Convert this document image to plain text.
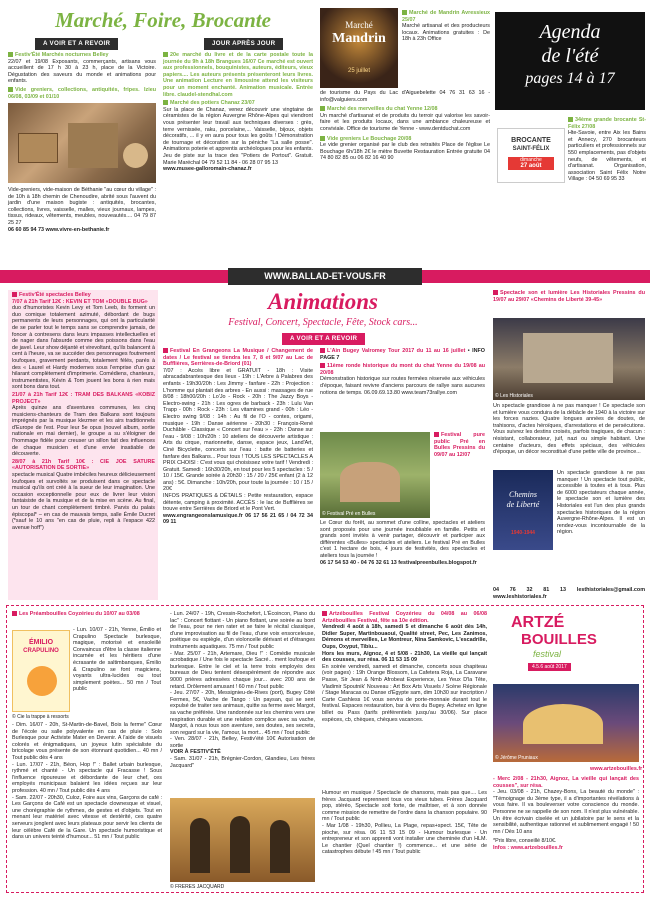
Marché, Foire, Brocante
A VOIR ET A REVOIR	JOUR APRÈS JOUR
Festiv'Été Marchés nocturnes Belley
22/07 et 19/08 Exposants, commerçants, artisans vous accueillent de 17 h 30 à 23 h, place de la Victoire. Dégustation des saveurs du monde et animations pour enfants.
Vide greniers, collections, antiquités, fripes. Izieu 06/08, 03/09 et 01/10
Vide-greniers, vide-maison de Béthanie "au cœur du village" : de 10h à 18h chemin de Chenoudire, abrité sous l'auvent du jardin d'une maison bugiste : antiquités, brocantes, collections, livres, vaisselle, malles, vieux journaux, lampes, tissus, rideaux, vêtements, meubles, nouveautés.... 04 79 87 25 27
06 60 85 94 73 www.vivre-en-bethanie.fr
20e marché du livre et de la carte postale toute la journée du 9h à 18h Brangues 16/07 Ce marché est ouvert aux professionnels, bouquinistes, auteurs, éditeurs, vieux papiers.... Les auteurs présents présenteront leurs livres. Une animation Lecture en limousine attend les visiteurs pour un moment enchanté. Animation musicale. Entrée libre. claudel-stendhal.com
Marché des potiers Chanaz 23/07
Sur la place de Chanaz, venez découvrir une vingtaine de céramistes de la région Auvergne Rhône-Alpes qui viendront vous présenter leur travail aux techniques diverses : grès, terre vernissée, raku, porcelaine,... Vaisselle, bijoux, objets décoratifs, ... il y en aura pour tous les goûts ! Démonstration de tournage et décoration sur la péniche "La salle posse". Animations poterie et apprentis archéologues pour les enfants. Jeu de piste sur la trace des "Potiers de Portout". Gratuit. Marie Maréchal 04 79 52 11 84 - 06 28 07 95 13
www.musee-galloromain-chanaz.fr
Marché
Mandrin
25 juillet
Marché de Mandrin Avressieux 25/07
Marché artisanal et des producteurs locaux. Animations gratuites : De 18h à 23h Office
de tourisme du Pays du Lac d'Aiguebelette 04 76 31 63 16 - info@valguiers.com
Marché des merveilles du chat Yenne 12/08
Un marché d'artisanat et de produits du terroir qui valorise les savoir-faire et les produits locaux, dans une ambiance chaleureuse et conviviale. Office de tourisme de Yenne - www.dentduchat.com
Vide greniers Le Bouchage 20/08
Le vide grenier organisé par le club des retraités Place de l'église Le Bouchage 6h/18h 2€ le mètre Buvette Restauration Entrée gratuite 04 74 80 82 85 ou 06 82 16 40 90
Agenda
de l'été
pages 14 à 17
BROCANTE
SAINT-FÉLIX
dimanche
27 août
34ème grande brocante St-Félix 27/08
Hte-Savoie, entre Aix les Bains et Annecy, 270 brocanteurs particuliers et professionnels sur 550 emplacements, pas d'objets neufs, de vêtements, et d'artisanat. Organisation, association Saint Félix Notre Village : 04 50 69 95 33
WWW.BALLAD-ET-VOUS.FR
Festiv'Été spectacles Belley
7/07 à 21h Tarif 12€ : KEVIN ET TOM «DOUBLE BUG»
duo d'humoristes Kevin Levy et Tom Leeb, ils forment un duo comique totalement azimuté, débordant de bugs permanents de leurs personnages, qui ont la particularité de se parler tout le temps sans se comprendre jamais, de foncer à contresens dans leurs impasses intellectuelles et de nager dans l'absurde comme des poissons dans l'eau de javel. Leur show déjanté et virevoltant, qu'ils balancent à cent à l'heure, va se succéder des personnages foutrement loufoques, gravement perdants, totalement félés, parés à des « Laurel et Hardy modernes sous l'emprise d'un gaz hilarant complètement d'imprimerie. Comédiens, chanteurs, instrumentistes, Kévin & Tom jouent les bons à rien mais sont bons dans tout.
21/07 à 21h Tarif 12€ : TRAM DES BALKANS «KOBIZ PROJECT»
Après quinze ans d'aventures communes, les cinq musiciens-chanteurs de Tram des Balkans sont toujours imprégnés par la musique klezmer et les airs traditionnels d'Europe de l'est. Pour leur 5e opus (nouvel album, sortie nationale en mai dernier), le groupe a su s'éloigner de l'hommage fidèle pour creuser un sillon fait des influences de chaque musicien et d'une envie insatiable de découverte.
28/07 à 21h Tarif 10€ : CIE JOE SATURE «AUTORISATION DE SORTIE»
spectacle musical Quatre imbéciles heureux délicieusement loufoques et survoltés se produisent dans ce spectacle musical qu'ils ont créé à la sueur de leur imagination. Une occasion exceptionnelle pour eux de livrer leur vision fantaisiste de la musique et de la mise en scène. Au final, un tour de chant complètement timbré. Parvis du palais épiscopal* – en cas de mauvais temps, salle Émile Ducret (*sauf le 10 ans "en cas de pluie, repli à l'espace 422 avenue hoff")
Animations
Festival, Concert, Spectacle, Fête, Stock cars...
A VOIR ET A REVOIR
Festival En Grangeons La Musique / Changement de dates / Le festival se tiendra les 7, 8 et 9/07 au Lac de Bufflières, Serrières-de-Briord (01)
7/07 : Accès libre et GRATUIT - 18h : Visite abracadabrantesque des lieux - 19h : L'Arbre à Palabres des enfants - 19h30/20h : Les Jimmy - fanfare - 22h : Projection : L'homme qui plantait des arbres - En aussi : massages de rue 8/08 : 18h00/20h : Lo'Jo - Rock - 20h : The Jazzy Boys - Electro-swing - 21h : Les ogres de barback - 23h : Lulu Van Trapp - 00h : Rock - 23h : Les vitamines grand - 00h : Léo - Electro swing 9/08 : 14h : Au fil de l'O - contes, origami, musique - 19h : Danse aérienne - 20h30 : François-René Duchâble - Classique « Concert sur l'eau » - 23h : Danse sur l'eau - 9/08 : 10h/20h : 10 ateliers de découverte artistique : Arts du cirque, marionnette, danse, espace jeux, Land'Art, Ciné Bicyclette, concerts sur l'eau : batte de batteries et fanfare des Balkans... Pour tous ! TOUS LES SPECTACLES A PRIX CHOISI : C'est vous qui choisissez votre tarif ! Vendredi : Gratuit. Samedi : 16h30/20h, en tout pour les 5 spectacles : 5 / 10 / 15€. Grande soirée à 20h30 : 15 / 20 / 25€ enfant (2 à 12 ans) : 5€. Dimanche : 10h/20h, pour toute la journée : 10 / 15 / 20€
INFOS PRATIQUES & DÉTAILS : Petite restauration, espace détente, camping à proximité. ACCÈS : le lac de Bufflières se trouve entre Serrières de Briord et le Pont Vert.
www.engrangeonslamusique.fr 06 17 56 21 65 / 04 72 34 09 11
L'Ain Bugey Valromey Tour 2017 du 11 au 16 juillet • INFO PAGE 7
11ème ronde historique du mont du chat Yenne du 19/08 au 20/08
Démonstration historique sur routes fermées réservée aux véhicules d'époque, faisant revivre d'anciens parcours de rallye sans aucunes notions de temps. 06.09.69.13.80 www.team73rallye.com
© Festival Pré en Bulles
Festival pure public Pré en Bulles Pressins du 09/07 au 12/07
Le Cœur du forêt, au sommet d'une colline, spectacles et ateliers sont proposés pour une journée inoubliable en famille. Petits et grands sont invités à venir partager, découvrir et participer aux différentes «Bulles» spectacles et ateliers. Le festival Pré en Bulles c'est 1 hectare de bois, 4 jours de festivités, des spectacles et ateliers tous la journée !
06 17 54 53 40 - 04 76 32 61 13 festivalpreenbulles.blogspot.fr
Spectacle son et lumière Les Historiales Pressins du 19/07 au 29/07 «Chemins de Liberté 39-45»
© Les Historiales
Un spectacle grandiose à ne pas manquer ! Ce spectacle son et lumière vous conduira de la débâcle de 1940 à la victoire sur les forces nazies. Quatre longues années de doutes, de trahisons, d'actes héroïques, d'arrestations et de persécutions. Vous suivrez les destins croisés, parfois tragiques, de chacun : résistant, collaborateur, juif, nazi ou simple habitant. Une centaine d'acteurs, des effets spéciaux, des véhicules d'époque, un décor reconstitué d'une petite ville de province...
Chemins
de Liberté
1940-1944
Un spectacle grandiose à ne pas manquer ! Un spectacle tout public, accessible à toutes et à tous. Plus de 6000 spectateurs chaque année, le spectacle son et lumière des Historiales est l'un des plus grands spectacles historiques de la région Auvergne-Rhône-Alpes. Il est un rendez-vous incontournable de la région.
04 76 32 81 13 lesthistoriales@gmail.com www.leshistoriales.fr
Les Préambouilles Coyzérieu du 10/07 au 03/08
ÉMILIO
CRAPULINO
© Cie la trappe à ressorts
- Lun. 10/07 - 21h, Yenne, Émilio et Crapulino Spectacle burlesque, magique, motorisé et ensoleillé Convaincus d'être la classe italienne incarnée et les héritiers d'une écrasante de saltimbanques, Émilio & Crapulino se font magiciens, voyants ultra-lucides ou tout simplement poètes... 50 mn / Tout public
- Dim. 16/07 - 20h, St-Martin-de-Bavel, Bois la ferme" Cœur de l'école ou salle polyvalente en cas de pluie : Solo Burlesque pour Activiste Mater en Devenir. A l'aide de visuels colorés et énigmatiques, un joyeux lutin spécialiste du bricolage vous présente de son étonnant quotidien... 40 mn / Tout public dès 4 ans
- Lun. 17/07 - 21h, Béon, Hop !" : Ballet urbain burlesque, rythmé et chanté - Un spectacle qui Fracasse ! Sous l'influence rigoureuse et débordante de leur chef, ces employés municipaux balaient les idées reçues sur leur profession. 40 mn / Tout public dès 4 ans
- Sam. 22/07 - 20h30, Culoz, Foire aux vins, Garçons de café : Les Garçons de Café est un spectacle clownesque et visuel, une chorégraphie de rythmes, de gestes et d'objets. Tout en menant leur matériel avec vitesse et dextérité, ces quatre serveurs jonglent avec leurs plateaux pour servir les clients de leur célèbre Café de la Gare. Un spectacle humoristique et dans un univers teinté d'humour... 51 mn / Tout public
- Lun. 24/07 - 19h, Cressin-Rochefort, L'Écoincon, Piano du lac" : Concert flottant - Un piano flottant, une soirée au bord de l'eau, pour ne rien rater et se faire le récital classique, d'une improvisation au fil de l'eau, d'une voix ensorceleuse, poétique ou espiègle, d'un violoncelle dérivant et d'étranges instruments aquatiques. 75 mn / Tout public
- Mar. 25/07 - 21h, Artemare, Dieu !" : Comédie musicale acrobatique / Une fois le spectacle Sacré... ment loufoque et burlesque. Entre le ciel et la terre trois employés des bureaux de Dieu tentent désespérément de répondre aux 9000 prières adressées chaque jour... avec 200 ans de retard. Drôlement amusant ! 60 mn / Tout public
- Jeu. 27/07 - 20h, Messignieu-de-Rives (port), Bugey Côté Fermes, 5€, Vache de Tango : Un paysan, qui se sent expulsé de traiter ses animaux, quitte sa ferme avec Margot, sa vache préférée. Une randonnée sur les chemins vers une respiration durable et une relation complice avec sa vache, Margot, à nous tous son aventure, ses doutes, ses secrets, son regard sur la vie, l'amour, la mort... 45 mn / Tout public
- Ven. 28/07 - 21h, Belley, Festiv'été 10€ Autorisation de sortie
VOIR À FESTIV'ÉTÉ
- Sam. 31/07 - 21h, Brégnier-Cordon, Glandieu, Les frères Jacquard"
© FRERES JACQUARD
Artzébouilles Festival Coyzérieu du 04/08 au 06/08 Artzébouilles Festival, fête sa 10e édition.
Vendredi 4 août à 18h, samedi 5 et dimanche 6 août dès 14h, Didier Super, Martinbouaoui, Qualité street, Pec, Les Zanimos, Démons et merveilles, Le Montreur, Nina Samkovic, L'escadrille, Oups, Oxyput, Tibiu...
Hors les murs, Aignoz, 4 et 5/08 - 21h30, La vieille qui lançait des cousses, sur résa. 06 11 53 15 09
En soirée vendredi, samedi et dimanche, concerts sous chapiteau (voir pages) : 19h Orange Blossom, La Cafetera Roja, La Caravane Passe, Sir Jean & Nmb Afrobeat Experience, Les Yeux D'la Tête, Vladimir Spoutnik' Nouveau : Art Box Arts Visuels / Scène Régionale / Stage Maracas ou Danse d'Égypte sam, dim 10h30 sur inscription / Carte Cashless 1€ vous servira de porte-monnaie durant tout le festival. Espaces restauration, bar à vins du Bugey. Achetez en ligne billet ou Pass (tarifs préférentiels jusqu'au 30/06). Sur place espèces, cb, chèques, chèques vacances.
Humour en musique / Spectacle de chansons, mais pas que.... Les frères Jacquard reprennent tous vos vieux tubes. Frères Jacquard pop, stéréo, Spectacle soit forte, de maîtriser, et à son donnée comme mission de remettre de l'ordre dans la chanson populaire. 90 mn / Tout public
- Mar 1/08 - 19h30, Pollieu, La Plage, repas+spect. 15€, Tête de pioche, sur résa. 06 11 53 15 09 - Humour burlesque - Un entrepreneur et son apprenti vont installer une cheminée d'un HLM. Le chantier (Quel chantier !) commence... et une série de catastrophes débute ! 45 mn / Tout public
ARTZÉ
BOUILLES
festival
4.5.6 août 2017
© Jérôme Pruniaux
www.artzebouilles.fr
- Merc 2/08 - 21h30, Aignoz, La vieille qui lançait des cousses", sur résa.
- Jeu. 03/08 - 21h, Chazey-Bons, La beauté du monde" : "Témoignage du 3ème type, il a d'importantes révélations à vous faire. Il va bouleverser votre conscience du monde. Personne ne se rappelle de son nom. Il n'est plus vulnérable. Un être écrivain ciselée et un jubilatoire par le sens et la sensibilité, authentique rationnel et sublimement engagé ! 50 mn / Dès 10 ans
*Prix libre, conseillé 8/10€.
Infos : www.artzebouilles.fr
